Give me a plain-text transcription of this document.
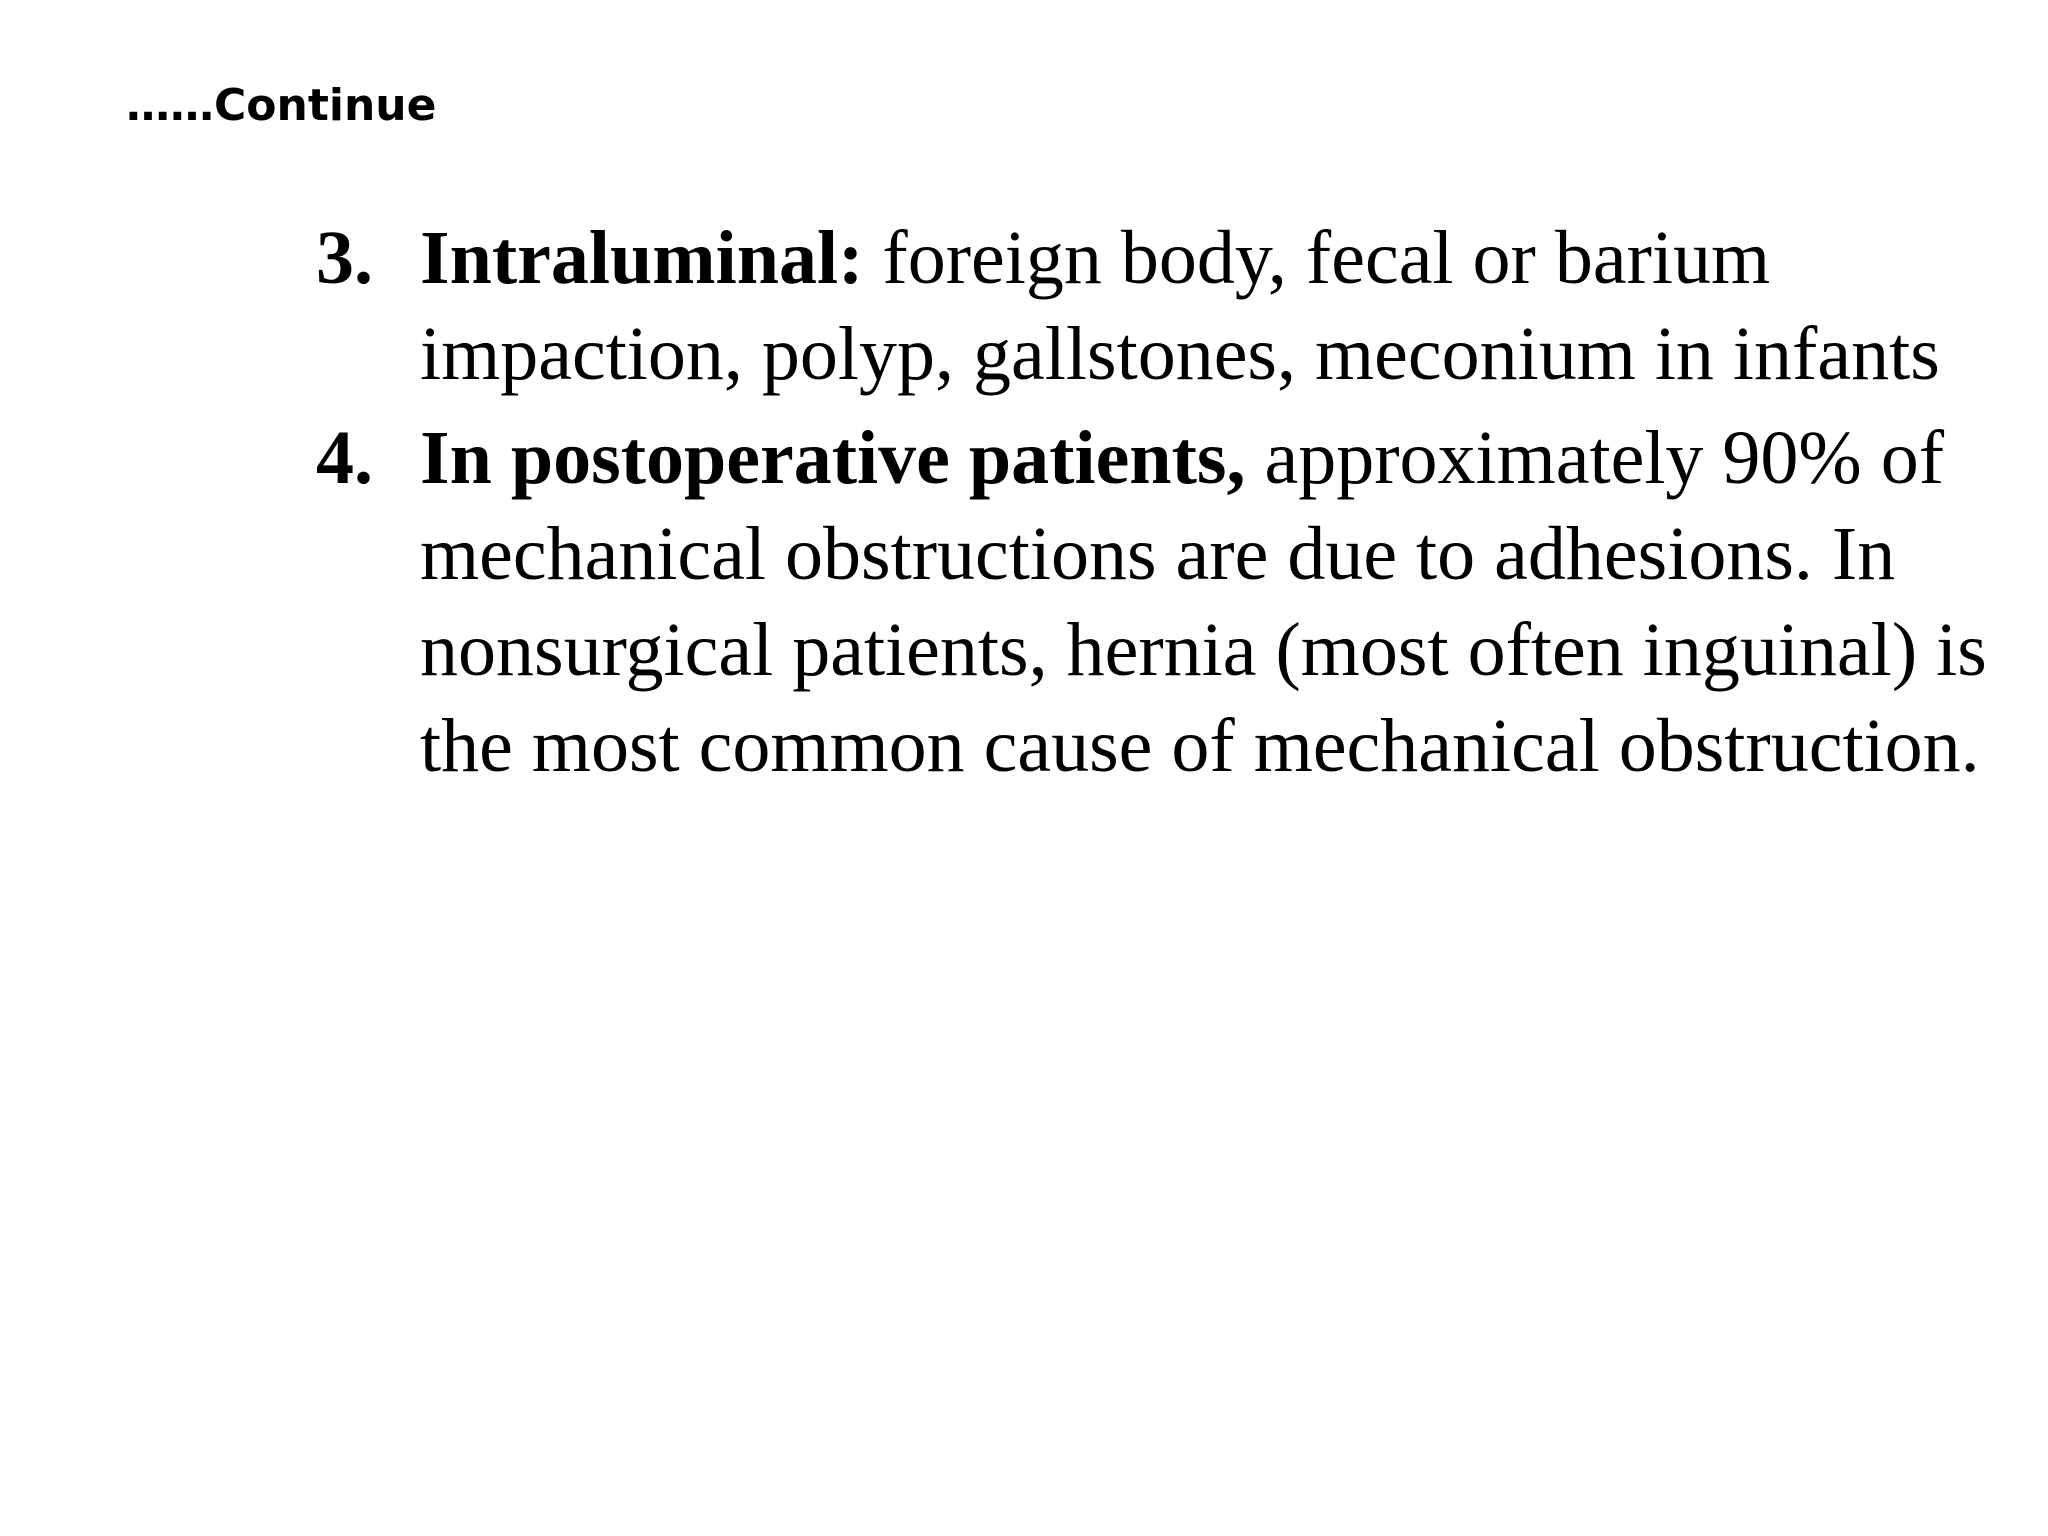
……Continue
3. Intraluminal: foreign body, fecal or barium impaction, polyp, gallstones, meconium in infants
4. In postoperative patients, approximately 90% of mechanical obstructions are due to adhesions. In nonsurgical patients, hernia (most often inguinal) is the most common cause of mechanical obstruction.
